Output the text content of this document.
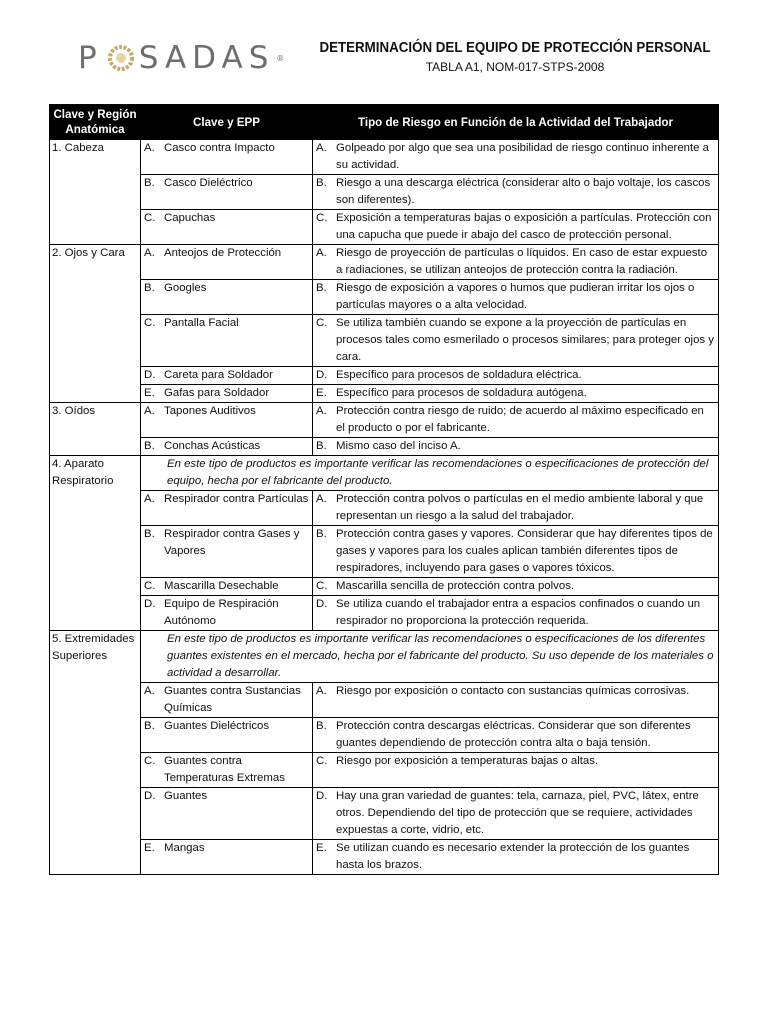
P SADAS ®
DETERMINACIÓN DEL EQUIPO DE PROTECCIÓN PERSONAL
TABLA A1, NOM-017-STPS-2008
Clave y Región Anatómica	Clave y EPP	Tipo de Riesgo en Función de la Actividad del Trabajador
1. Cabeza	A. Casco contra Impacto	A. Golpeado por algo que sea una posibilidad de riesgo continuo inherente a su actividad.

	B. Casco Dieléctrico	B. Riesgo a una descarga eléctrica (considerar alto o bajo voltaje, los cascos son diferentes).

	C. Capuchas	C. Exposición a temperaturas bajas o exposición a partículas. Protección con una capucha que puede ir abajo del casco de protección personal.

2. Ojos y Cara	A. Anteojos de Protección	A. Riesgo de proyección de partículas o líquidos. En caso de estar expuesto a radiaciones, se utilizan anteojos de protección contra la radiación.

	B. Googles	B. Riesgo de exposición a vapores o humos que pudieran irritar los ojos o partículas mayores o a alta velocidad.

	C. Pantalla Facial	C. Se utiliza también cuando se expone a la proyección de partículas en procesos tales como esmerilado o procesos similares; para proteger ojos y cara.

	D. Careta para Soldador	D. Específico para procesos de soldadura eléctrica.

	E. Gafas para Soldador	E. Específico para procesos de soldadura autógena.

3. Oídos	A. Tapones Auditivos	A. Protección contra riesgo de ruido; de acuerdo al máximo especificado en el producto o por el fabricante.

	B. Conchas Acústicas	B. Mismo caso del inciso A.

4. Aparato Respiratorio	En este tipo de productos es importante verificar las recomendaciones o especificaciones de protección del equipo, hecha por el fabricante del producto.	

	A. Respirador contra Partículas	A. Protección contra polvos o partículas en el medio ambiente laboral y que representan un riesgo a la salud del trabajador.

	B. Respirador contra Gases y Vapores	B. Protección contra gases y vapores. Considerar que hay diferentes tipos de gases y vapores para los cuales aplican también diferentes tipos de respiradores, incluyendo para gases o vapores tóxicos.

	C. Mascarilla Desechable	C. Mascarilla sencilla de protección contra polvos.

	D. Equipo de Respiración Autónomo	D. Se utiliza cuando el trabajador entra a espacios confinados o cuando un respirador no proporciona la protección requerida.

5. Extremidades Superiores	En este tipo de productos es importante verificar las recomendaciones o especificaciones de los diferentes guantes existentes en el mercado, hecha por el fabricante del producto. Su uso depende de los materiales o actividad a desarrollar.	

	A. Guantes contra Sustancias Químicas	A. Riesgo por exposición o contacto con sustancias químicas corrosivas.

	B. Guantes Dieléctricos	B. Protección contra descargas eléctricas. Considerar que son diferentes guantes dependiendo de protección contra alta o baja tensión.

	C. Guantes contra Temperaturas Extremas	C. Riesgo por exposición a temperaturas bajas o altas.

	D. Guantes	D. Hay una gran variedad de guantes: tela, carnaza, piel, PVC, látex, entre otros. Dependiendo del tipo de protección que se requiere, actividades expuestas a corte, vidrio, etc.

	E. Mangas	E. Se utilizan cuando es necesario extender la protección de los guantes hasta los brazos.
